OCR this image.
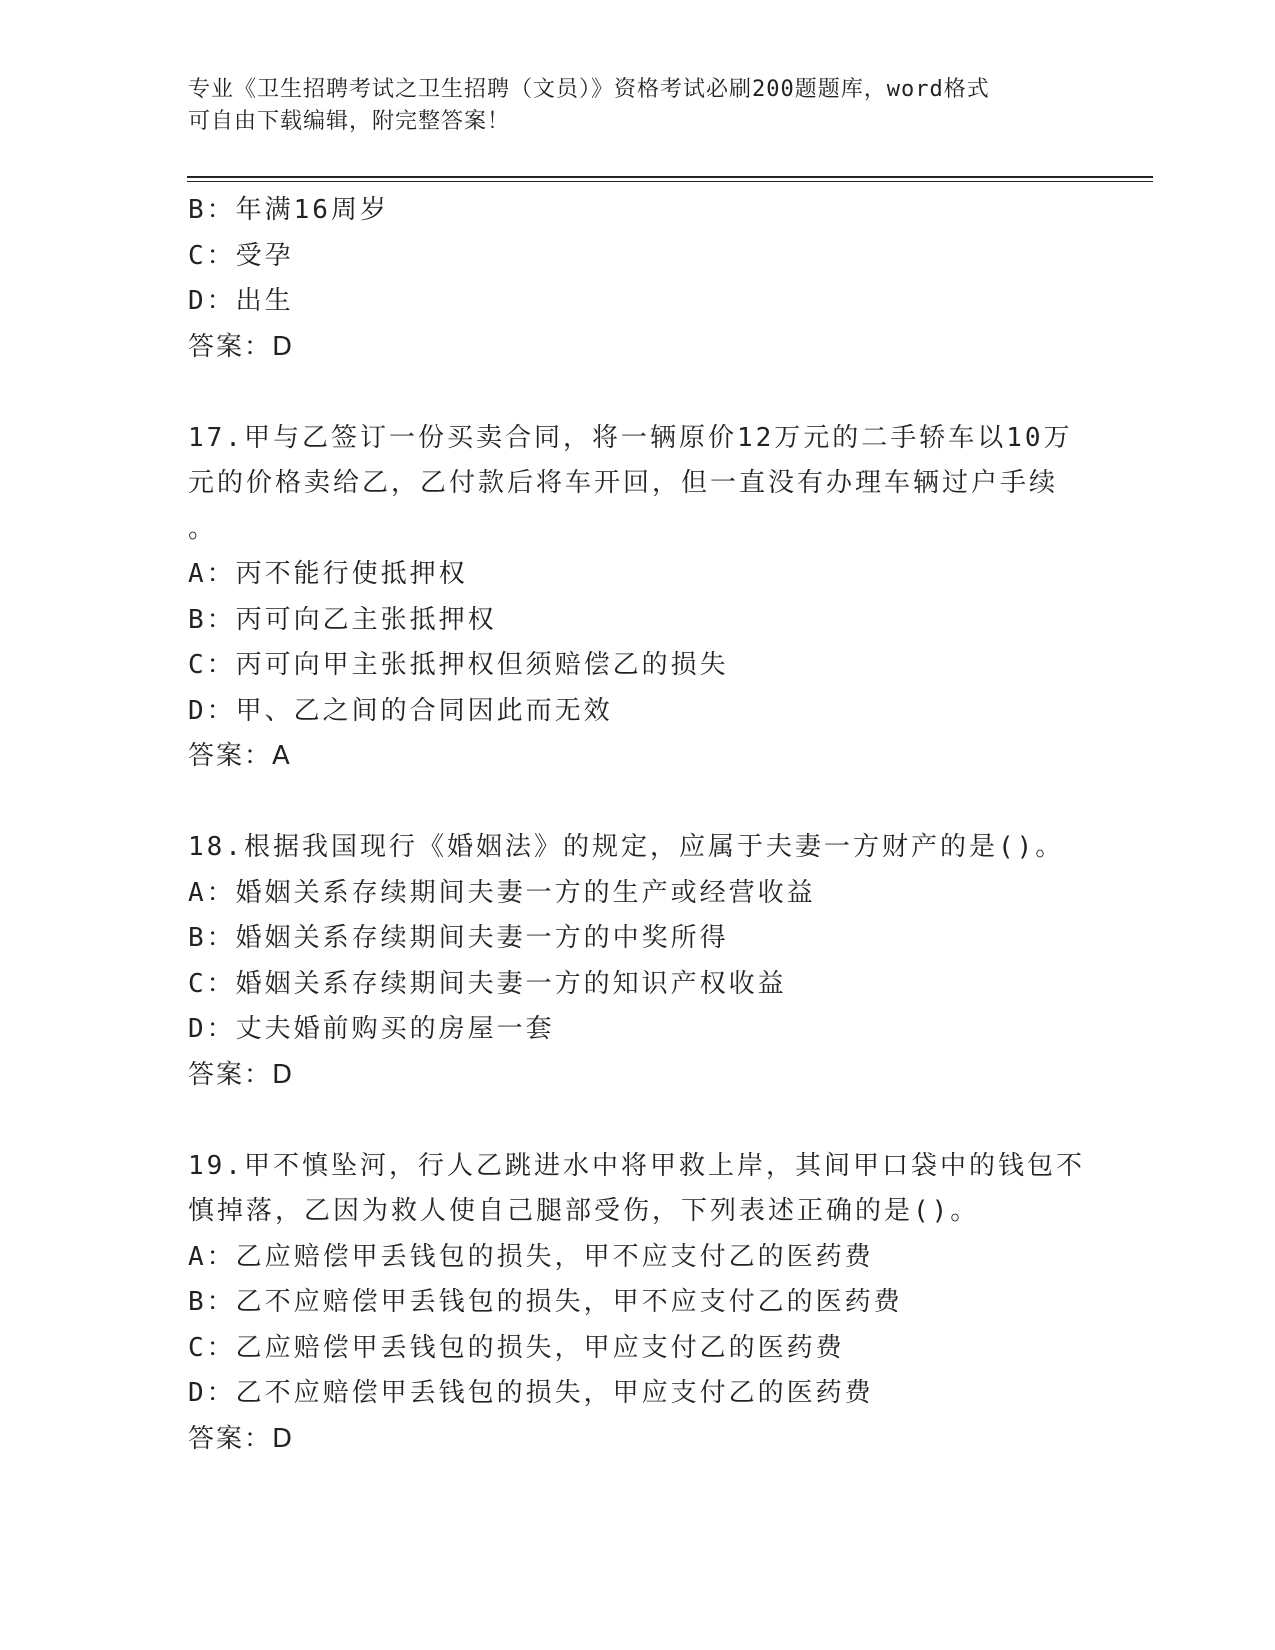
专业《卫生招聘考试之卫生招聘（文员）》资格考试必刷200题题库，word格式
可自由下载编辑，附完整答案！
B：年满16周岁
C：受孕
D：出生
答案：D
17.甲与乙签订一份买卖合同，将一辆原价12万元的二手轿车以10万
元的价格卖给乙，乙付款后将车开回，但一直没有办理车辆过户手续
。
A：丙不能行使抵押权
B：丙可向乙主张抵押权
C：丙可向甲主张抵押权但须赔偿乙的损失
D：甲、乙之间的合同因此而无效
答案：A
18.根据我国现行《婚姻法》的规定，应属于夫妻一方财产的是()。
A：婚姻关系存续期间夫妻一方的生产或经营收益
B：婚姻关系存续期间夫妻一方的中奖所得
C：婚姻关系存续期间夫妻一方的知识产权收益
D：丈夫婚前购买的房屋一套
答案：D
19.甲不慎坠河，行人乙跳进水中将甲救上岸，其间甲口袋中的钱包不
慎掉落，乙因为救人使自己腿部受伤，下列表述正确的是()。
A：乙应赔偿甲丢钱包的损失，甲不应支付乙的医药费
B：乙不应赔偿甲丢钱包的损失，甲不应支付乙的医药费
C：乙应赔偿甲丢钱包的损失，甲应支付乙的医药费
D：乙不应赔偿甲丢钱包的损失，甲应支付乙的医药费
答案：D
